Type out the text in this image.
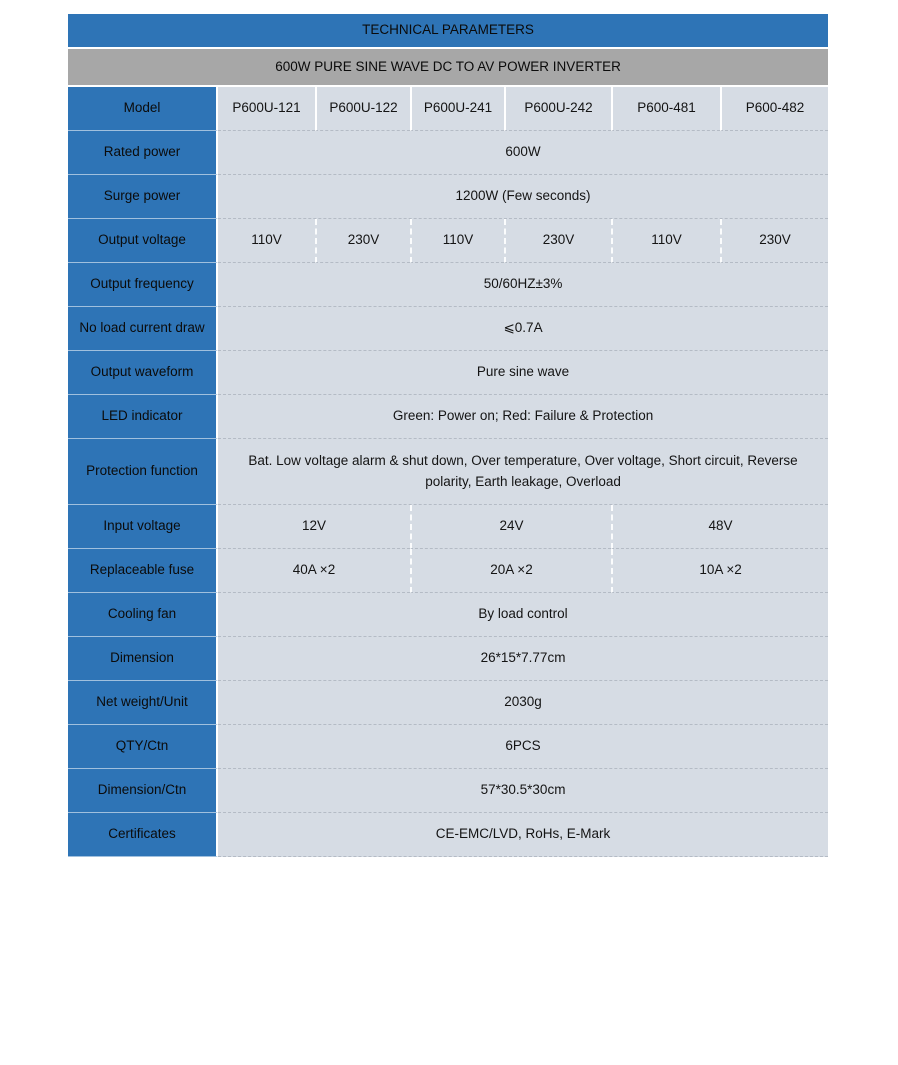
TECHNICAL PARAMETERS						
600W PURE SINE WAVE DC TO AV POWER INVERTER						
Model	P600U-121	P600U-122	P600U-241	P600U-242	P600-481	P600-482
Rated power	600W					
Surge power	1200W (Few seconds)					
Output voltage	110V	230V	110V	230V	110V	230V
Output frequency	50/60HZ±3%					
No load current draw	⩽0.7A					
Output waveform	Pure sine wave					
LED indicator	Green: Power on; Red: Failure & Protection					
Protection function	Bat. Low voltage alarm & shut down, Over temperature, Over voltage, Short circuit, Reverse polarity, Earth leakage, Overload					
Input voltage	12V		24V		48V	
Replaceable fuse	40A ×2		20A ×2		10A ×2	
Cooling fan	By load control					
Dimension	26*15*7.77cm					
Net weight/Unit	2030g					
QTY/Ctn	6PCS					
Dimension/Ctn	57*30.5*30cm					
Certificates	CE-EMC/LVD, RoHs, E-Mark					
